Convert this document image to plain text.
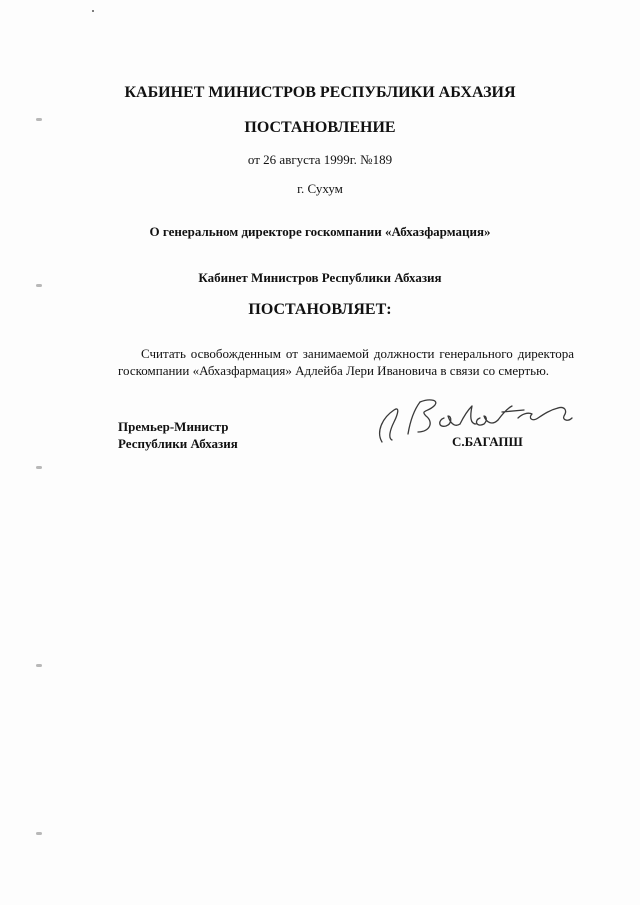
КАБИНЕТ МИНИСТРОВ РЕСПУБЛИКИ АБХАЗИЯ
ПОСТАНОВЛЕНИЕ
от 26 августа 1999г. №189
г. Сухум
О генеральном директоре госкомпании «Абхазфармация»
Кабинет Министров Республики Абхазия
ПОСТАНОВЛЯЕТ:
Считать освобожденным от занимаемой должности генерального директора госкомпании «Абхазфармация» Адлейба Лери Ивановича в связи со смертью.
Премьер-Министр
Республики Абхазия	С.БАГАПШ
